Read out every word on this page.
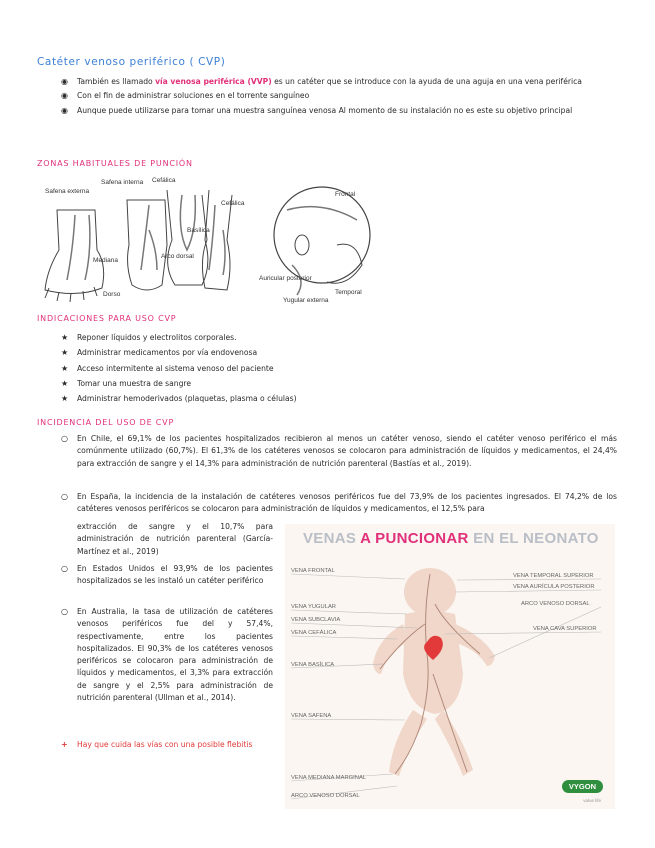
Catéter venoso periférico ( CVP)
◉ También es llamado vía venosa periférica (VVP) es un catéter que se introduce con la ayuda de una aguja en una vena periférica
◉ Con el fin de administrar soluciones en el torrente sanguíneo
◉ Aunque puede utilizarse para tomar una muestra sanguínea venosa Al momento de su instalación no es este su objetivo principal
ZONAS HABITUALES DE PUNCIÓN
Safena externa
Safena interna
Mediana
Dorso
Cefálica
Cefálica
Basílica
Arco dorsal
Frontal
Auricular posterior
Yugular externa
Temporal
INDICACIONES PARA USO CVP
★ Reponer líquidos y electrolitos corporales.
★ Administrar medicamentos por vía endovenosa
★ Acceso intermitente al sistema venoso del paciente
★ Tomar una muestra de sangre
★ Administrar hemoderivados (plaquetas, plasma o células)
INCIDENCIA DEL USO DE CVP
○ En Chile, el 69,1% de los pacientes hospitalizados recibieron al menos un catéter venoso, siendo el catéter venoso periférico el más comúnmente utilizado (60,7%). El 61,3% de los catéteres venosos se colocaron para administración de líquidos y medicamentos, el 24,4% para extracción de sangre y el 14,3% para administración de nutrición parenteral (Bastías et al., 2019).
○ En España, la incidencia de la instalación de catéteres venosos periféricos fue del 73,9% de los pacientes ingresados. El 74,2% de los catéteres venosos periféricos se colocaron para administración de líquidos y medicamentos, el 12,5% para
extracción de sangre y el 10,7% para administración de nutrición parenteral (García-Martínez et al., 2019)
○ En Estados Unidos el 93,9% de los pacientes hospitalizados se les instaló un catéter periférico
○ En Australia, la tasa de utilización de catéteres venosos periféricos fue del y 57,4%, respectivamente, entre los pacientes hospitalizados. El 90,3% de los catéteres venosos periféricos se colocaron para administración de líquidos y medicamentos, el 3,3% para extracción de sangre y el 2,5% para administración de nutrición parenteral (Ullman et al., 2014).
+ Hay que cuida las vías con una posible flebitis
VENAS A PUNCIONAR EN EL NEONATO
VENA FRONTAL
VENA YUGULAR
VENA SUBCLAVIA
VENA CEFÁLICA
VENA BASÍLICA
VENA SAFENA
VENA MEDIANA MARGINAL
ARCO VENOSO DORSAL
VENA TEMPORAL SUPERIOR
VENA AURÍCULA POSTERIOR
ARCO VENOSO DORSAL
VENA CAVA SUPERIOR
VYGON
value life
